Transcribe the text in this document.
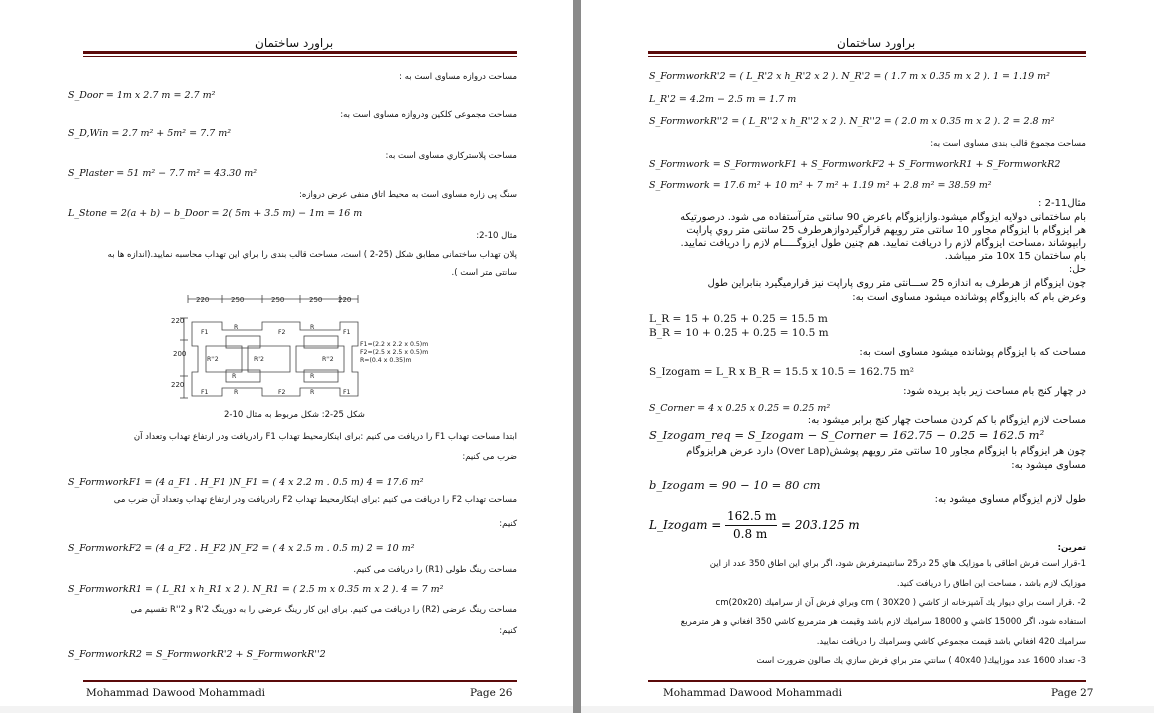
براورد ساختمان
مساحت دروازه مساوی است به :
S_Door = 1m x 2.7 m = 2.7 m²
مساحت مجموعی کلکین ودروازه مساوی است به:
S_D,Win = 2.7 m² + 5m² = 7.7 m²
مساحت پلاستركاري مساوی است به:
S_Plaster = 51 m² − 7.7 m² = 43.30 m²
سنگ پی زاره مساوی است به محیط اتاق منفی عرض دروازه:
L_Stone = 2(a + b) − b_Door = 2( 5m + 3.5 m) − 1m = 16 m
مثال 10-2:
پلان تهداب ساختمانی مطابق شکل (25-2 ) است، مساحت قالب بندی را براي این تهداب محاسبه نمایید.(اندازه ها به
سانتی متر است ).
220	250	250	250 220
220
200
220
F1
R
F2
R
F1
R''2	R'2	R''2
R	R
F1	R	F2	R	F1
F1=(2.2 x 2.2 x 0.5)m
F2=(2.5 x 2.5 x 0.5)m
R=(0.4 x 0.35)m
شکل 25-2: شکل مربوط به مثال 10-2
ابتدا مساحت تهداب F1 را دریافت می کنیم :برای اینکارمحیط تهداب F1 رادریافت ودر ارتفاع تهداب وتعداد آن
ضرب می کنیم:
S_FormworkF1 = (4 a_F1 . H_F1 )N_F1 = ( 4 x 2.2 m . 0.5 m) 4 = 17.6 m²
مساحت تهداب F2 را دریافت می کنیم :برای اینکارمحیط تهداب F2 رادریافت ودر ارتفاع تهداب وتعداد آن ضرب می
کنیم:
S_FormworkF2 = (4 a_F2 . H_F2 )N_F2 = ( 4 x 2.5 m . 0.5 m) 2 = 10 m²
مساحت رینگ طولی (R1) را دریافت می کنیم.
S_FormworkR1 = ( L_R1 x h_R1 x 2 ). N_R1 = ( 2.5 m x 0.35 m x 2 ). 4 = 7 m²
مساحت رینگ عرضی (R2) را دریافت می کنیم. برای این کار رینگ عرضی را به دورینگ R'2 و R''2 تقسیم می
کنیم:
S_FormworkR2 = S_FormworkR'2 + S_FormworkR''2
Mohammad Dawood Mohammadi	Page 26
براورد ساختمان
S_FormworkR'2 = ( L_R'2 x h_R'2 x 2 ). N_R'2 = ( 1.7 m x 0.35 m x 2 ). 1 = 1.19 m²
L_R'2 = 4.2m − 2.5 m = 1.7 m
S_FormworkR''2 = ( L_R''2 x h_R''2 x 2 ). N_R''2 = ( 2.0 m x 0.35 m x 2 ). 2 = 2.8 m²
مساحت مجموع قالب بندی مساوی است به:
S_Formwork = S_FormworkF1 + S_FormworkF2 + S_FormworkR1 + S_FormworkR2
S_Formwork = 17.6 m² + 10 m² + 7 m² + 1.19 m² + 2.8 m² = 38.59 m²
مثال11-2 :
بام ساختمانی دولایه ایزوگام میشود.وازایزوگام باعرض 90 سانتی مترآستفاده می شود. درصورتیکه
هر ایزوگام با ایزوگام مجاور 10 سانتی متر رویهم قرارگیردوازهرطرف 25 سانتی متر روي پاراپت
رابپوشاند ،مساحت ایزوگام لازم را دریافت نمایید. هم چنین طول ایزوگـــــام لازم را دریافت نمایید.
بام ساختمان 10x 15 متر میباشد.
حل:
چون ایزوگام از هرطرف به اندازه 25 ســـانتی متر روی پاراپت نیز قرارمیگیرد بنابراین طول
وعرض بام که باایزوگام پوشانده میشود مساوی است به:
L_R = 15 + 0.25 + 0.25 = 15.5 m
B_R = 10 + 0.25 + 0.25 = 10.5 m
مساحت که با ایزوگام پوشانده میشود مساوی است به:
S_Izogam = L_R x B_R = 15.5 x 10.5 = 162.75 m²
در چهار کنج بام مساحت زیر باید بریده شود:
S_Corner = 4 x 0.25 x 0.25 = 0.25 m²
مساحت لازم ایزوگام با کم کردن مساحت چهار کنج برابر میشود به:
S_Izogam_req = S_Izogam − S_Corner = 162.75 − 0.25 = 162.5 m²
چون هر ایزوگام با ایزوگام مجاور 10 سانتی متر رویهم پوشش(Over Lap) دارد عرض هرایزوگام
مساوی میشود به:
b_Izogam = 90 − 10 = 80 cm
طول لازم ایزوگام مساوی میشود به:
L_Izogam =
162.5 m
0.8 m
= 203.125 m
تمرين:
1-قرار است فرش اطاقی با موزایک هاي 25 در25 سانتیمترفرش شود، اگر براي این اطاق 350 عدد از این
موزایک لازم باشد ، مساحت این اطاق را دریافت کنید.
2- .قرار است براي دیوار یك آشپزخانه از كاشي cm ( 30X20 ) وبراي فرش آن از سراميك (20x20)cm
استفاده شود، اگر 15000 كاشي و 18000 سراميك لازم باشد وقيمت هر مترمربع كاشي 350 افغاني و هر مترمربع
سراميك 420 افغاني باشد قيمت مجموعي كاشي وسراميك را دريافت نماييد.
3- تعداد 1600 عدد موزاييك( 40x40 ) سانتي متر براي فرش سازي يك صالون ضرورت است
Mohammad Dawood Mohammadi	Page 27
